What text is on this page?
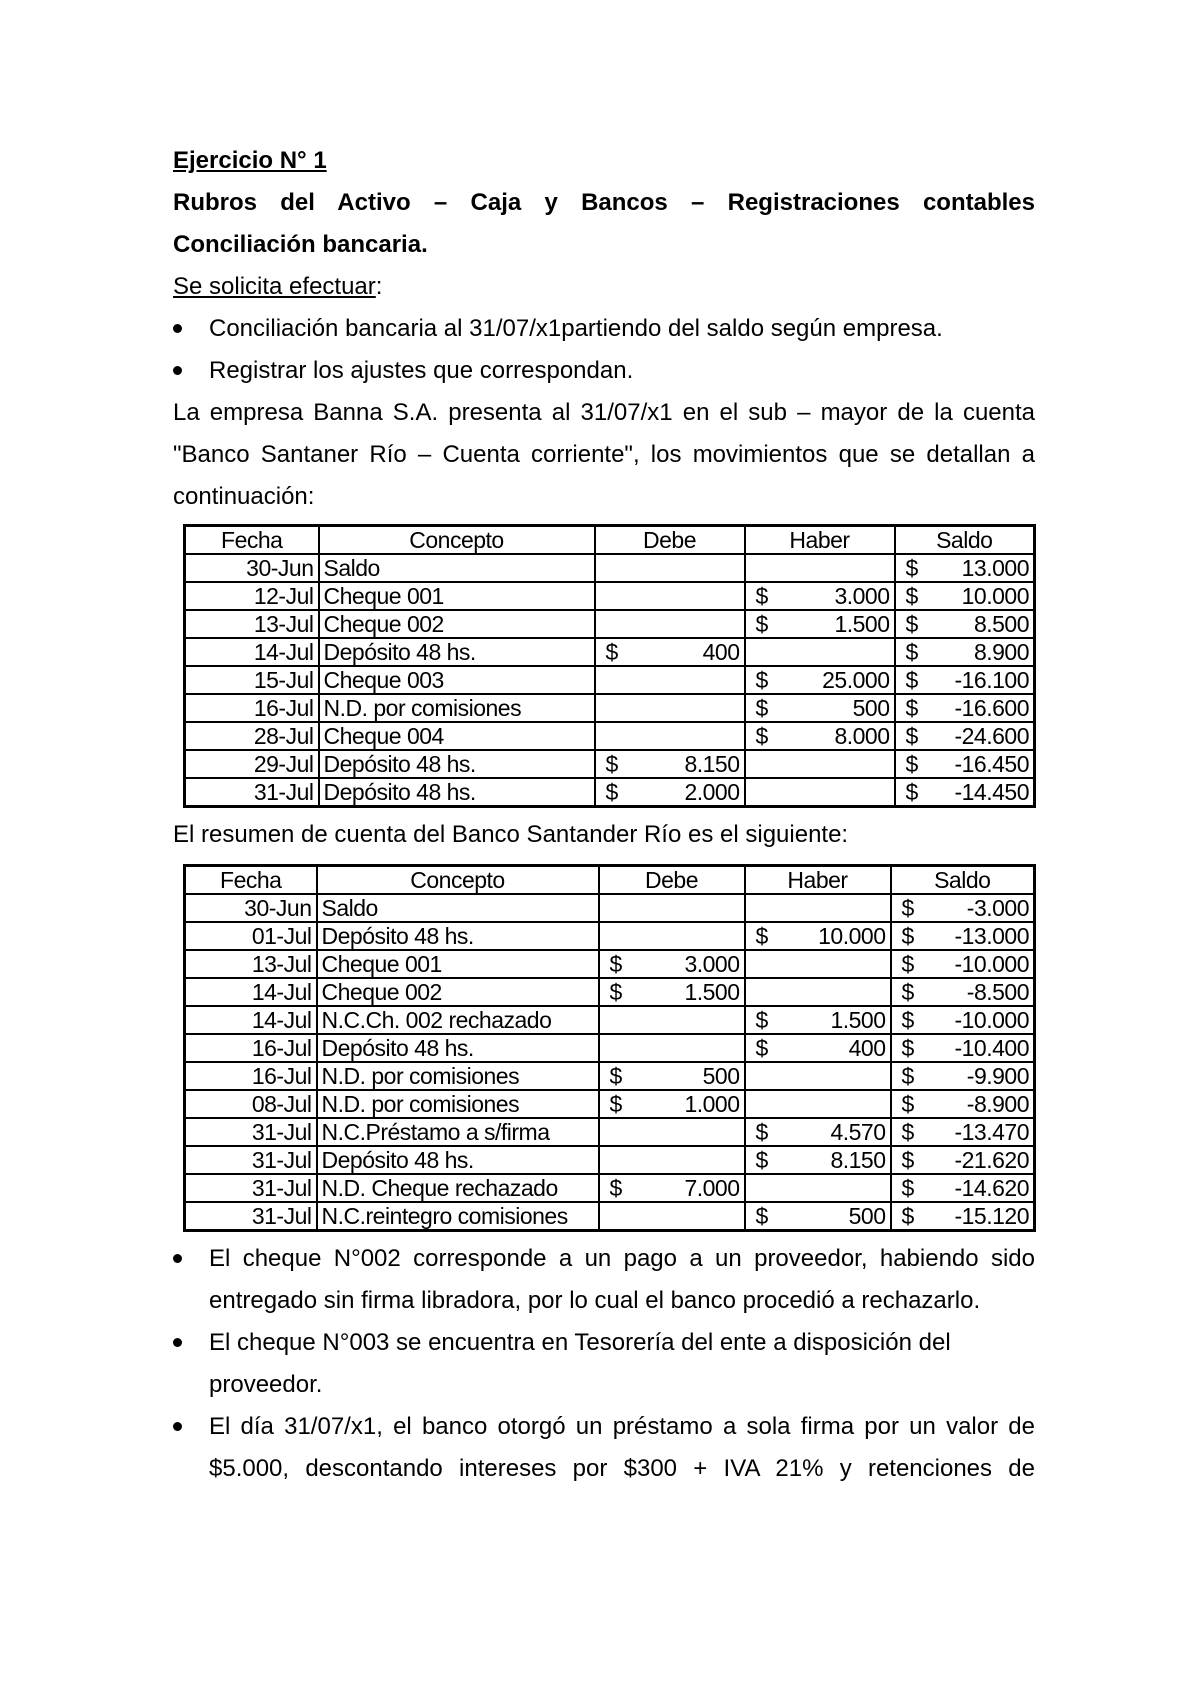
Ejercicio N° 1

Rubros del Activo – Caja y Bancos – Registraciones contables

Conciliación bancaria.

Se solicita efectuar:

Conciliación bancaria al 31/07/x1partiendo del saldo según empresa.

Registrar los ajustes que correspondan.

La empresa Banna S.A. presenta al 31/07/x1 en el sub – mayor de la cuenta

"Banco Santaner Río – Cuenta corriente", los movimientos que se detallan a

continuación:

Fecha	Concepto	Debe	Haber	Saldo
30-Jun	Saldo			$ 13.000
12-Jul	Cheque 001		$ 3.000	$ 10.000
13-Jul	Cheque 002		$ 1.500	$ 8.500
14-Jul	Depósito 48 hs.	$ 400		$ 8.900
15-Jul	Cheque 003		$ 25.000	$ -16.100
16-Jul	N.D. por comisiones		$ 500	$ -16.600
28-Jul	Cheque 004		$ 8.000	$ -24.600
29-Jul	Depósito 48 hs.	$ 8.150		$ -16.450
31-Jul	Depósito 48 hs.	$ 2.000		$ -14.450

El resumen de cuenta del Banco Santander Río es el siguiente:

Fecha	Concepto	Debe	Haber	Saldo
30-Jun	Saldo			$ -3.000
01-Jul	Depósito 48 hs.		$ 10.000	$ -13.000
13-Jul	Cheque 001	$ 3.000		$ -10.000
14-Jul	Cheque 002	$ 1.500		$ -8.500
14-Jul	N.C.Ch. 002 rechazado		$ 1.500	$ -10.000
16-Jul	Depósito 48 hs.		$ 400	$ -10.400
16-Jul	N.D. por comisiones	$ 500		$ -9.900
08-Jul	N.D. por comisiones	$ 1.000		$ -8.900
31-Jul	N.C.Préstamo a s/firma		$ 4.570	$ -13.470
31-Jul	Depósito 48 hs.		$ 8.150	$ -21.620
31-Jul	N.D. Cheque rechazado	$ 7.000		$ -14.620
31-Jul	N.C.reintegro comisiones		$ 500	$ -15.120

El cheque N°002 corresponde a un pago a un proveedor, habiendo sido

entregado sin firma libradora, por lo cual el banco procedió a rechazarlo.

El cheque N°003 se encuentra en Tesorería del ente a disposición del

proveedor.

El día 31/07/x1, el banco otorgó un préstamo a sola firma por un valor de

$5.000, descontando intereses por $300 + IVA 21% y retenciones de
